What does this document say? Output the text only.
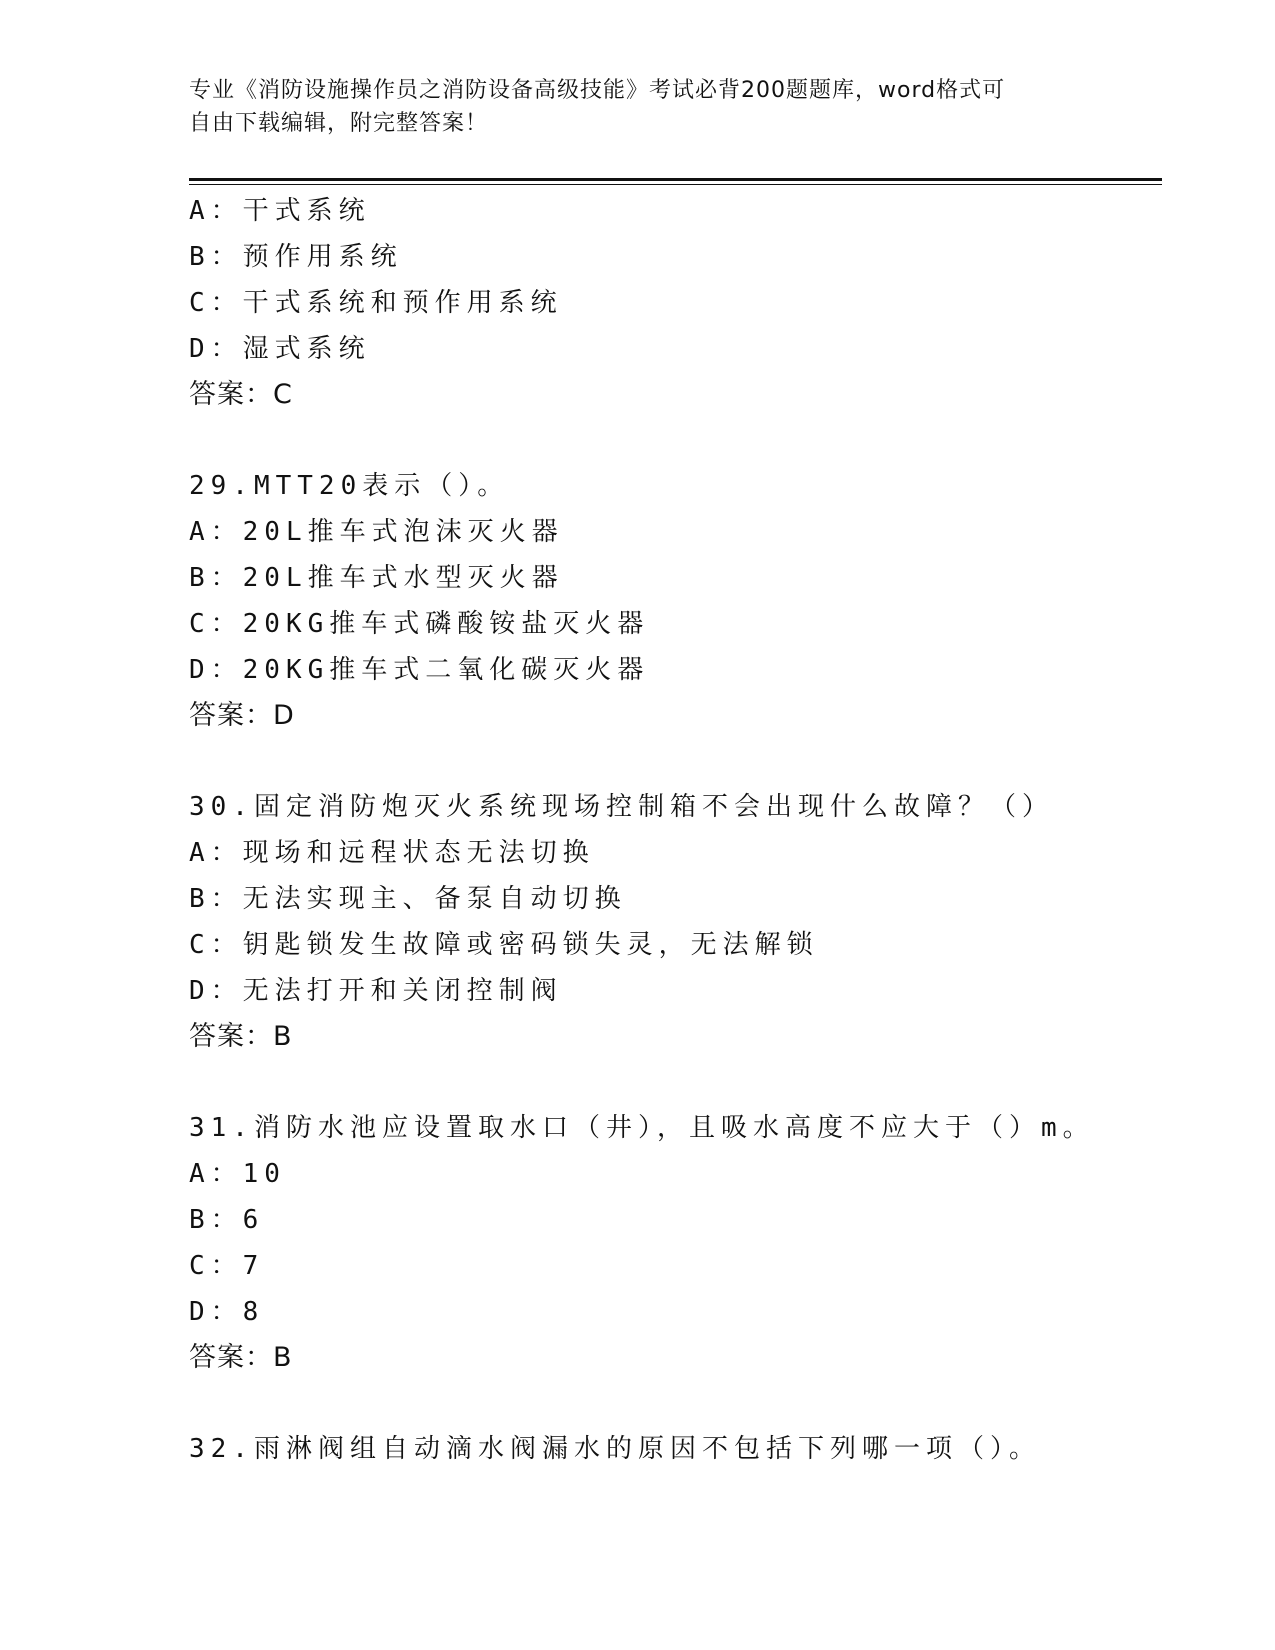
专业《消防设施操作员之消防设备高级技能》考试必背200题题库，word格式可
自由下载编辑，附完整答案！
A：干式系统
B：预作用系统
C：干式系统和预作用系统
D：湿式系统
答案：C
29.MTT20表示（）。
A：20L推车式泡沫灭火器
B：20L推车式水型灭火器
C：20KG推车式磷酸铵盐灭火器
D：20KG推车式二氧化碳灭火器
答案：D
30.固定消防炮灭火系统现场控制箱不会出现什么故障？（）
A：现场和远程状态无法切换
B：无法实现主、备泵自动切换
C：钥匙锁发生故障或密码锁失灵，无法解锁
D：无法打开和关闭控制阀
答案：B
31.消防水池应设置取水口（井），且吸水高度不应大于（）m。
A：10
B：6
C：7
D：8
答案：B
32.雨淋阀组自动滴水阀漏水的原因不包括下列哪一项（）。
